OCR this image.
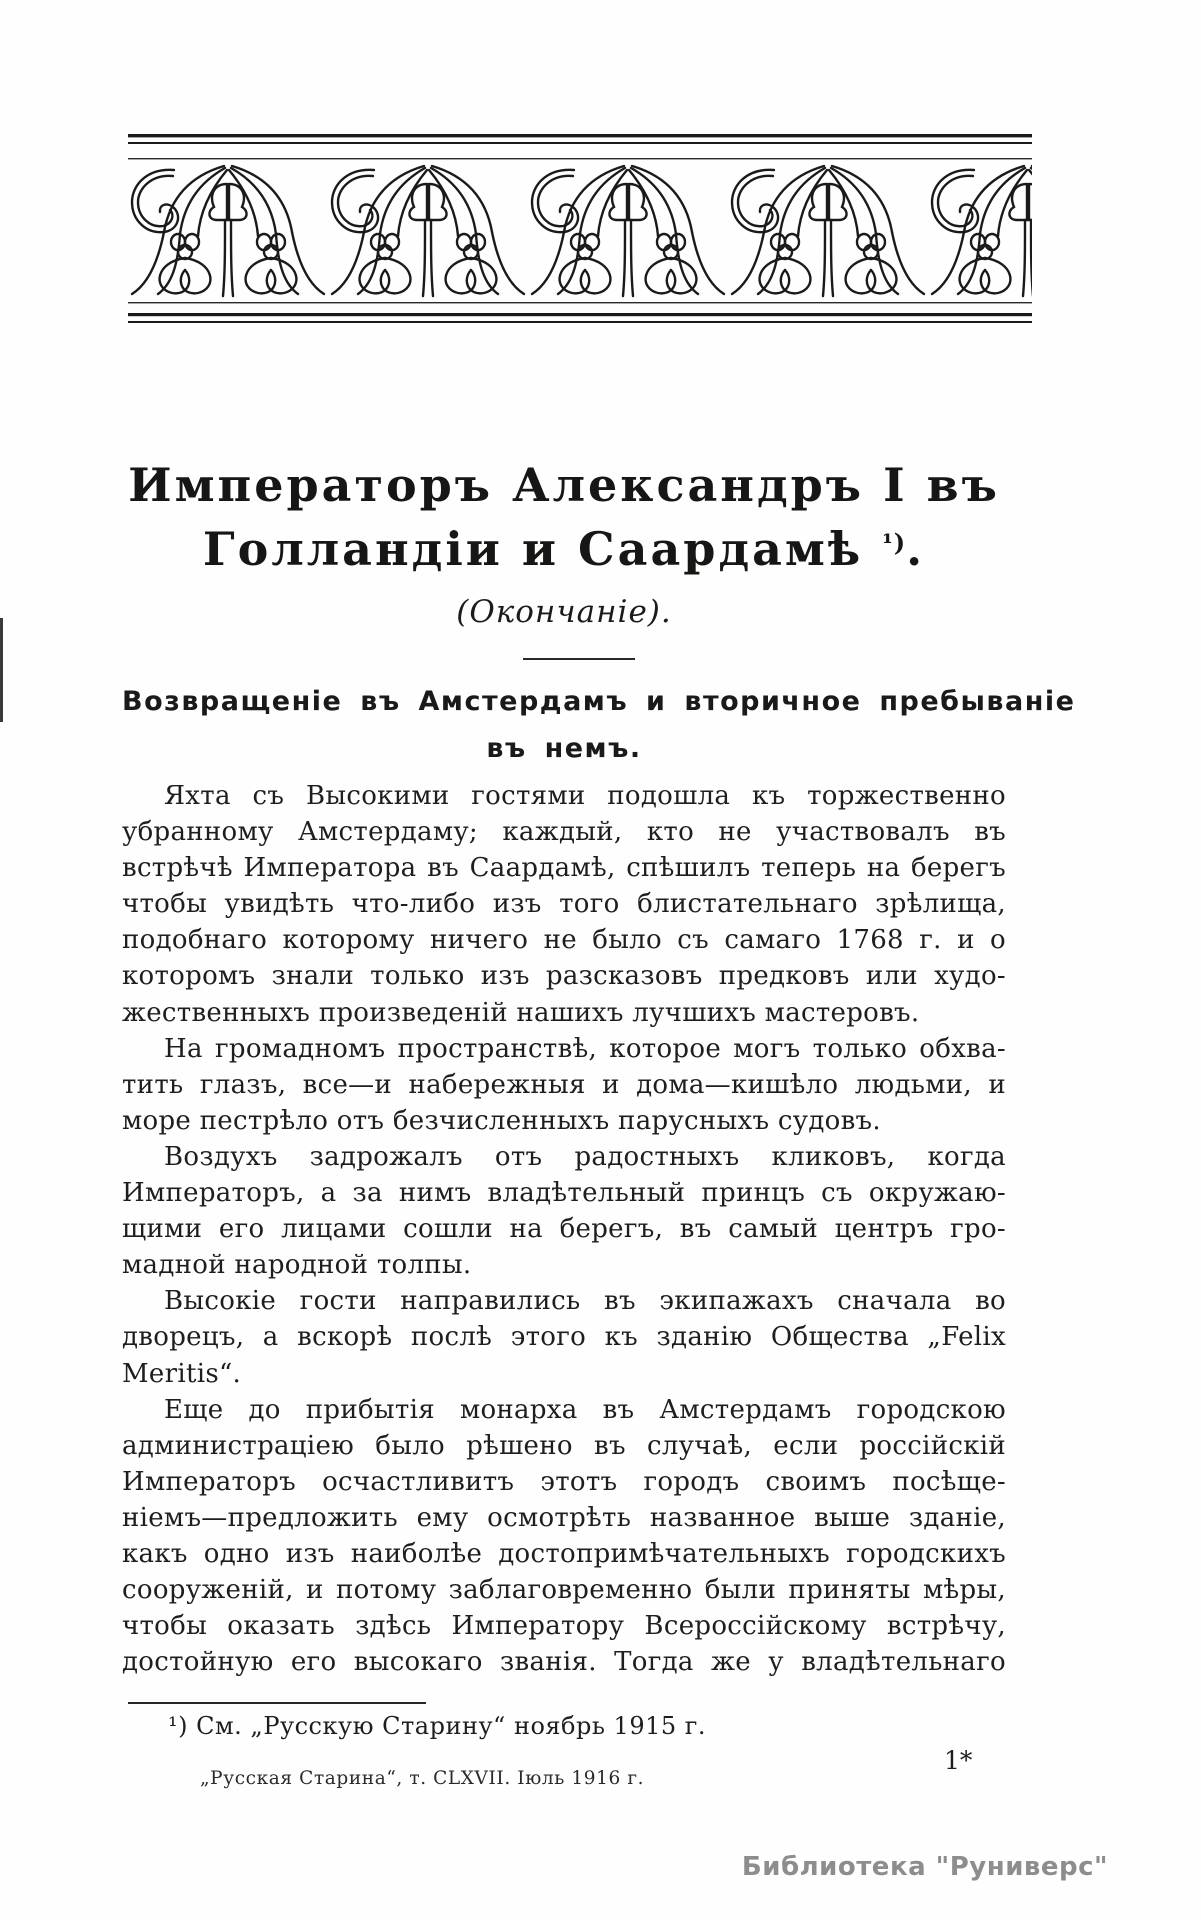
Императоръ Александръ I въ
Голландіи и Саардамѣ $^{^1)}$.
(Окончаніе).
Возвращеніе въ Амстердамъ и вторичное пребываніе
въ немъ.
Яхта съ Высокими гостями подошла къ торжественно
убранному Амстердаму; каждый, кто не участвовалъ въ
встрѣчѣ Императора въ Саардамѣ, спѣшилъ теперь на берегъ
чтобы увидѣть что-либо изъ того блистательнаго зрѣлища,
подобнаго которому ничего не было съ самаго 1768 г. и о
которомъ знали только изъ разсказовъ предковъ или худо-
жественныхъ произведеній нашихъ лучшихъ мастеровъ.
На громадномъ пространствѣ, которое могъ только обхва-
тить глазъ, все—и набережныя и дома—кишѣло людьми, и
море пестрѣло отъ безчисленныхъ парусныхъ судовъ.
Воздухъ задрожалъ отъ радостныхъ кликовъ, когда
Императоръ, а за нимъ владѣтельный принцъ съ окружаю-
щими его лицами сошли на берегъ, въ самый центръ гро-
мадной народной толпы.
Высокіе гости направились въ экипажахъ сначала во
дворецъ, а вскорѣ послѣ этого къ зданію Общества „Felix
Meritis“.
Еще до прибытія монарха въ Амстердамъ городскою
администраціею было рѣшено въ случаѣ, если россійскій
Императоръ осчастливитъ этотъ городъ своимъ посѣще-
ніемъ—предложить ему осмотрѣть названное выше зданіе,
какъ одно изъ наиболѣе достопримѣчательныхъ городскихъ
сооруженій, и потому заблаговременно были приняты мѣры,
чтобы оказать здѣсь Императору Всероссійскому встрѣчу,
достойную его высокаго званія. Тогда же у владѣтельнаго
¹) См. „Русскую Старину“ ноябрь 1915 г.
„Русская Старина“, т. CLXVII. Іюль 1916 г.
1*
Библиотека "Руниверс"
